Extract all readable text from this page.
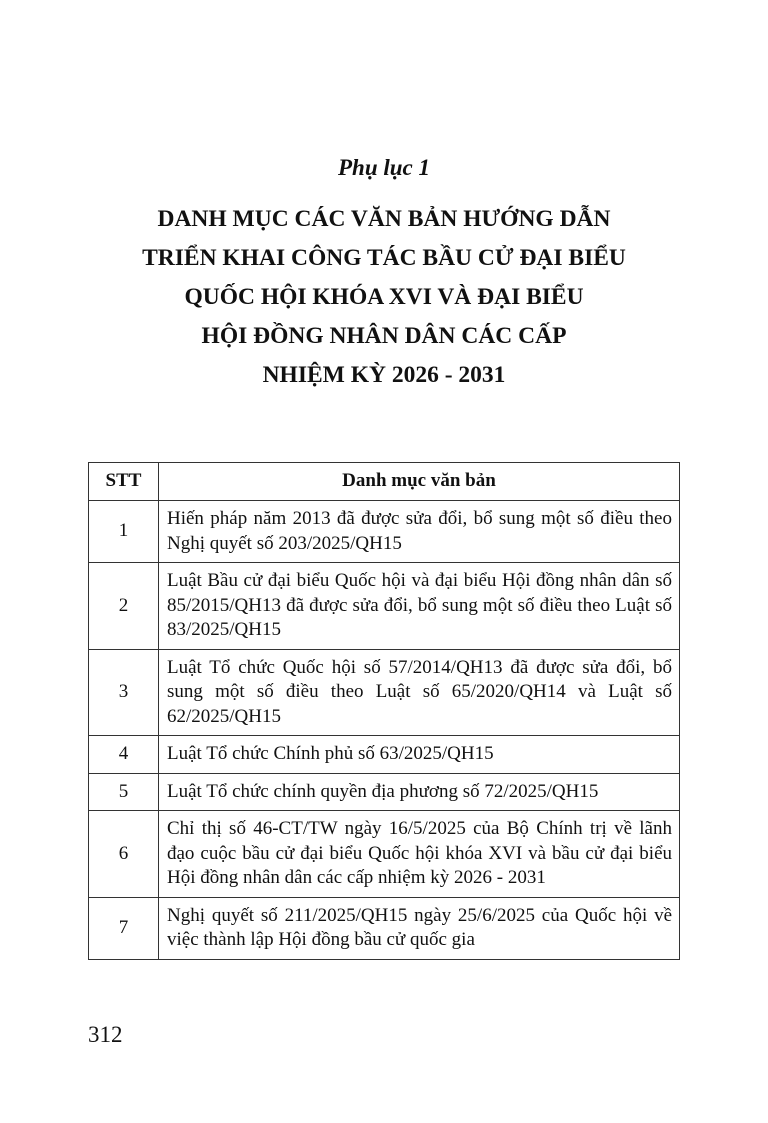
Phụ lục 1
DANH MỤC CÁC VĂN BẢN HƯỚNG DẪN
TRIỂN KHAI CÔNG TÁC BẦU CỬ ĐẠI BIỂU
QUỐC HỘI KHÓA XVI VÀ ĐẠI BIỂU
HỘI ĐỒNG NHÂN DÂN CÁC CẤP
NHIỆM KỲ 2026 - 2031
STT	Danh mục văn bản
1	Hiến pháp năm 2013 đã được sửa đổi, bổ sung một số điều theo Nghị quyết số 203/2025/QH15
2	Luật Bầu cử đại biểu Quốc hội và đại biểu Hội đồng nhân dân số 85/2015/QH13 đã được sửa đổi, bổ sung một số điều theo Luật số 83/2025/QH15
3	Luật Tổ chức Quốc hội số 57/2014/QH13 đã được sửa đổi, bổ sung một số điều theo Luật số 65/2020/QH14 và Luật số 62/2025/QH15
4	Luật Tổ chức Chính phủ số 63/2025/QH15
5	Luật Tổ chức chính quyền địa phương số 72/2025/QH15
6	Chỉ thị số 46-CT/TW ngày 16/5/2025 của Bộ Chính trị về lãnh đạo cuộc bầu cử đại biểu Quốc hội khóa XVI và bầu cử đại biểu Hội đồng nhân dân các cấp nhiệm kỳ 2026 - 2031
7	Nghị quyết số 211/2025/QH15 ngày 25/6/2025 của Quốc hội về việc thành lập Hội đồng bầu cử quốc gia
312
